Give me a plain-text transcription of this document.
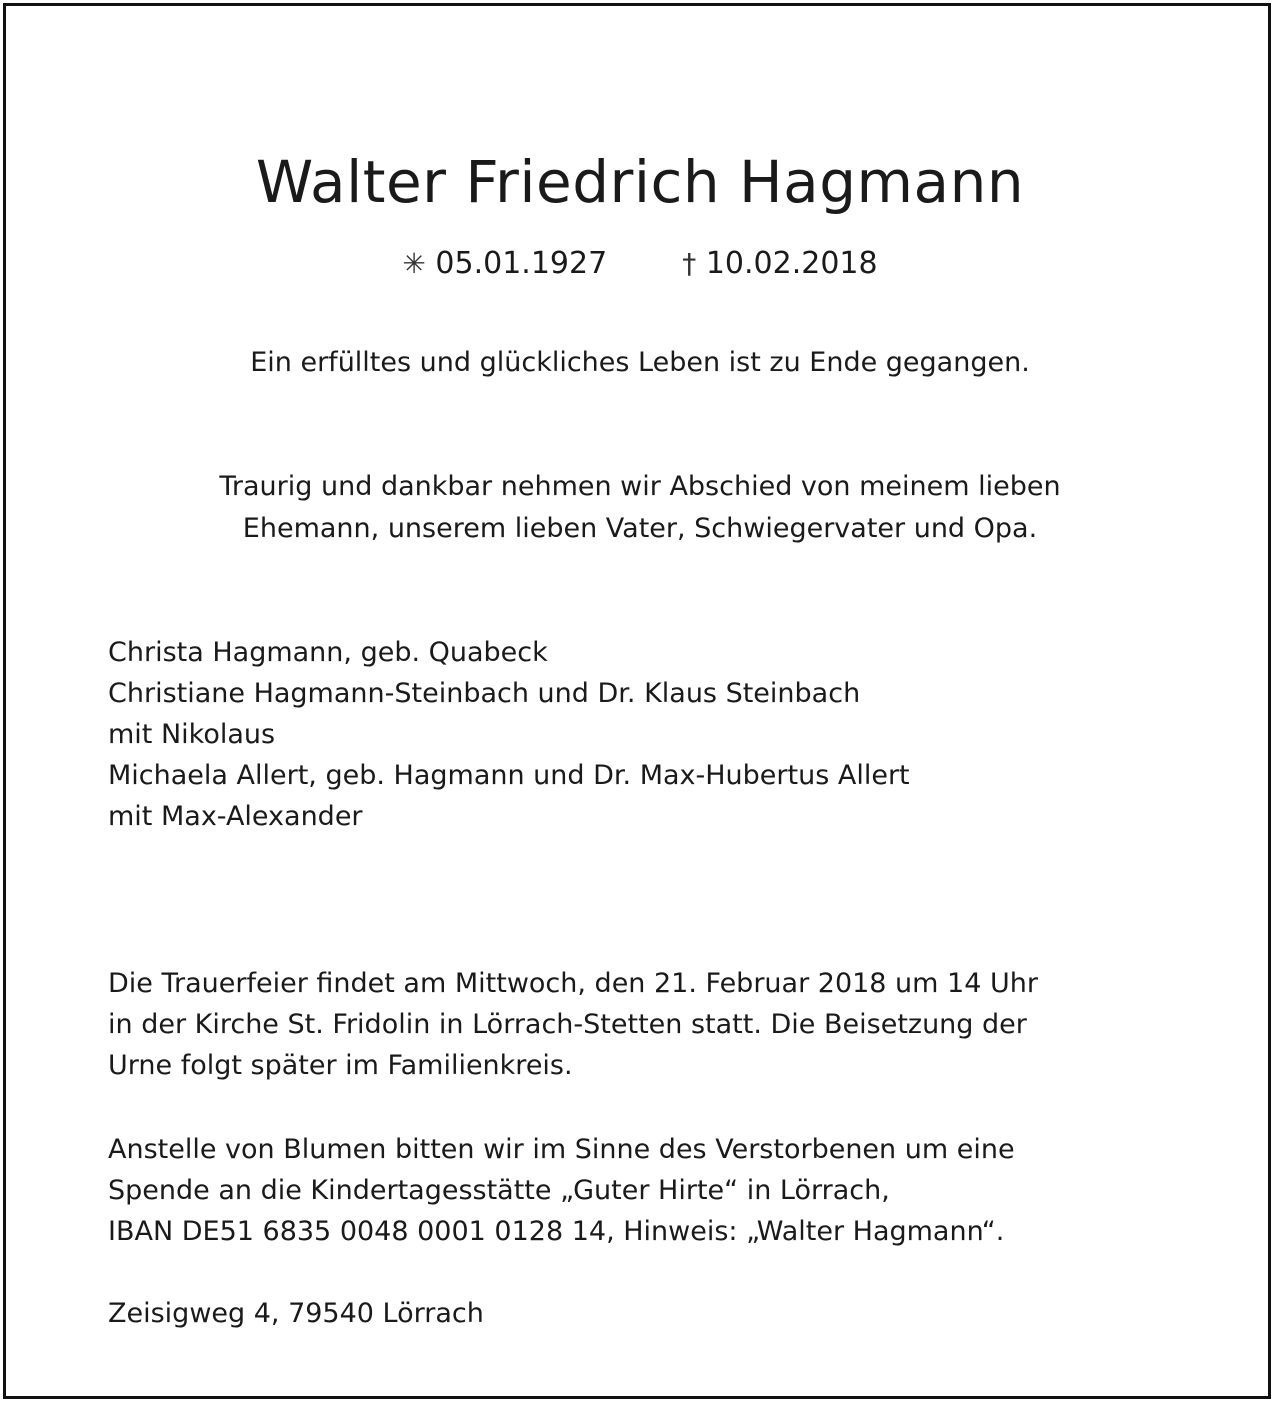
Walter Friedrich Hagmann
✳ 05.01.1927	† 10.02.2018
Ein erfülltes und glückliches Leben ist zu Ende gegangen.
Traurig und dankbar nehmen wir Abschied von meinem lieben
Ehemann, unserem lieben Vater, Schwiegervater und Opa.
Christa Hagmann, geb. Quabeck
Christiane Hagmann-Steinbach und Dr. Klaus Steinbach
mit Nikolaus
Michaela Allert, geb. Hagmann und Dr. Max-Hubertus Allert
mit Max-Alexander
Die Trauerfeier findet am Mittwoch, den 21. Februar 2018 um 14 Uhr
in der Kirche St. Fridolin in Lörrach-Stetten statt. Die Beisetzung der
Urne folgt später im Familienkreis.
Anstelle von Blumen bitten wir im Sinne des Verstorbenen um eine
Spende an die Kindertagesstätte „Guter Hirte“ in Lörrach,
IBAN DE51 6835 0048 0001 0128 14, Hinweis: „Walter Hagmann“.
Zeisigweg 4, 79540 Lörrach
